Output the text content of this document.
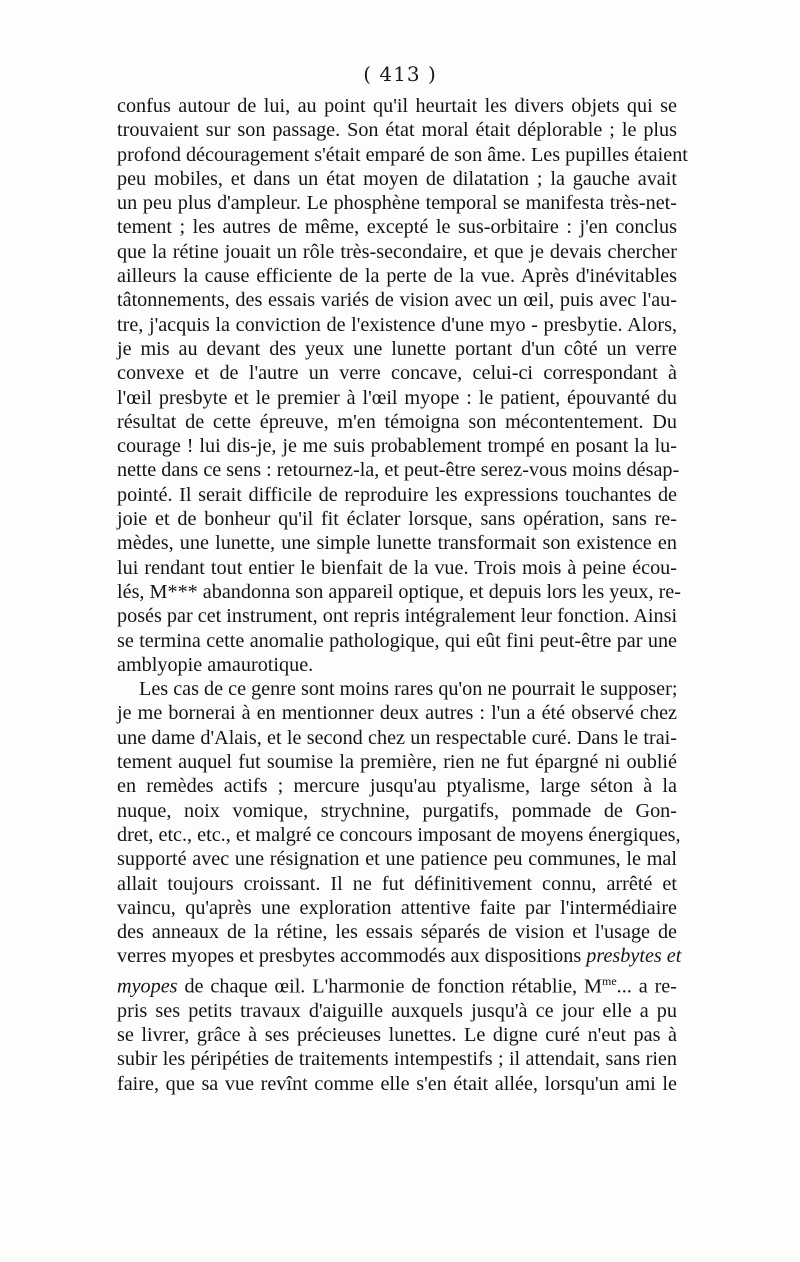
( 413 )

confus autour de lui, au point qu'il heurtait les divers objets qui se
trouvaient sur son passage. Son état moral était déplorable ; le plus
profond découragement s'était emparé de son âme. Les pupilles étaient
peu mobiles, et dans un état moyen de dilatation ; la gauche avait
un peu plus d'ampleur. Le phosphène temporal se manifesta très-net-
tement ; les autres de même, excepté le sus-orbitaire : j'en conclus
que la rétine jouait un rôle très-secondaire, et que je devais chercher
ailleurs la cause efficiente de la perte de la vue. Après d'inévitables
tâtonnements, des essais variés de vision avec un œil, puis avec l'au-
tre, j'acquis la conviction de l'existence d'une myo - presbytie. Alors,
je mis au devant des yeux une lunette portant d'un côté un verre
convexe et de l'autre un verre concave, celui-ci correspondant à
l'œil presbyte et le premier à l'œil myope : le patient, épouvanté du
résultat de cette épreuve, m'en témoigna son mécontentement. Du
courage ! lui dis-je, je me suis probablement trompé en posant la lu-
nette dans ce sens : retournez-la, et peut-être serez-vous moins désap-
pointé. Il serait difficile de reproduire les expressions touchantes de
joie et de bonheur qu'il fit éclater lorsque, sans opération, sans re-
mèdes, une lunette, une simple lunette transformait son existence en
lui rendant tout entier le bienfait de la vue. Trois mois à peine écou-
lés, M*** abandonna son appareil optique, et depuis lors les yeux, re-
posés par cet instrument, ont repris intégralement leur fonction. Ainsi
se termina cette anomalie pathologique, qui eût fini peut-être par une
amblyopie amaurotique.

Les cas de ce genre sont moins rares qu'on ne pourrait le supposer;
je me bornerai à en mentionner deux autres : l'un a été observé chez
une dame d'Alais, et le second chez un respectable curé. Dans le trai-
tement auquel fut soumise la première, rien ne fut épargné ni oublié
en remèdes actifs ; mercure jusqu'au ptyalisme, large séton à la
nuque, noix vomique, strychnine, purgatifs, pommade de Gon-
dret, etc., etc., et malgré ce concours imposant de moyens énergiques,
supporté avec une résignation et une patience peu communes, le mal
allait toujours croissant. Il ne fut définitivement connu, arrêté et
vaincu, qu'après une exploration attentive faite par l'intermédiaire
des anneaux de la rétine, les essais séparés de vision et l'usage de
verres myopes et presbytes accommodés aux dispositions presbytes et
myopes de chaque œil. L'harmonie de fonction rétablie, $M^{me}$... a re-
pris ses petits travaux d'aiguille auxquels jusqu'à ce jour elle a pu
se livrer, grâce à ses précieuses lunettes. Le digne curé n'eut pas à
subir les péripéties de traitements intempestifs ; il attendait, sans rien
faire, que sa vue revînt comme elle s'en était allée, lorsqu'un ami le
